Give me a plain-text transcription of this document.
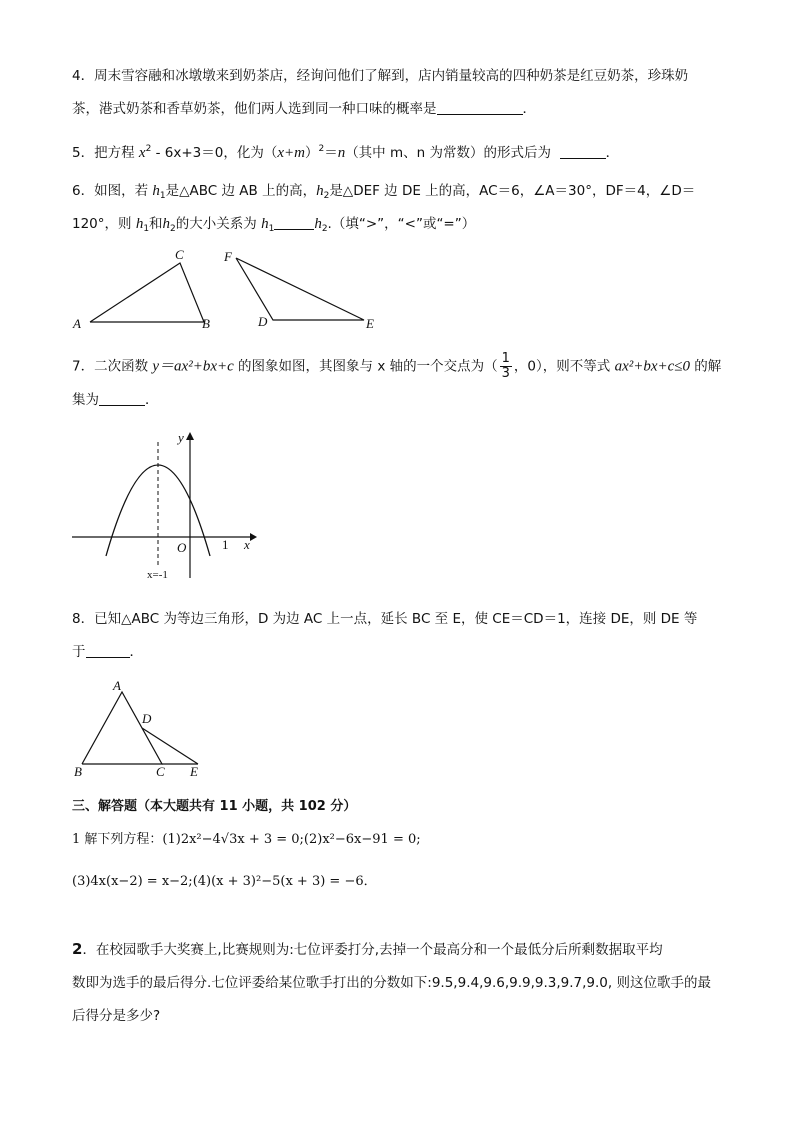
4．周末雪容融和冰墩墩来到奶茶店，经询问他们了解到，店内销量较高的四种奶茶是红豆奶茶，珍珠奶
茶，港式奶茶和香草奶茶，他们两人选到同一种口味的概率是	．
5．把方程 $x^2 - 6x+3=0$，化为$(x+m)^2=n$（其中 m、n 为常数）的形式后为	．
6．如图，若 $h_1$是△ABC 边 AB 上的高，$h_2$是△DEF 边 DE 上的高，AC＝6，∠A＝30°，DF＝4，∠D＝
120°，则 $h_1$和$h_2$的大小关系为 $h_1$	$h_2$.（填“>”，“<”或“=”）
A
C
B
F
D	E
7．二次函数 y＝ax²+bx+c 的图象如图，其图象与 x 轴的一个交点为（ $\frac{1}{3}$ ，0），则不等式 ax²+bx+c≤0 的解
集为	．
y
x
O	1
x=-1
8．已知△ABC 为等边三角形，D 为边 AC 上一点，延长 BC 至 E，使 CE＝CD＝1，连接 DE，则 DE 等
于	．
A
D
B	C E
三、解答题（本大题共有 11 小题，共 102 分）
1 解下列方程：(1)2x²−4√3x + 3 = 0;(2)x²−6x−91 = 0;
(3)4x(x−2) = x−2;(4)(x + 3)²−5(x + 3) = −6．
2．在校园歌手大奖赛上,比赛规则为:七位评委打分,去掉一个最高分和一个最低分后所剩数据取平均
数即为选手的最后得分.七位评委给某位歌手打出的分数如下:9.5,9.4,9.6,9.9,9.3,9.7,9.0, 则这位歌手的最
后得分是多少?
